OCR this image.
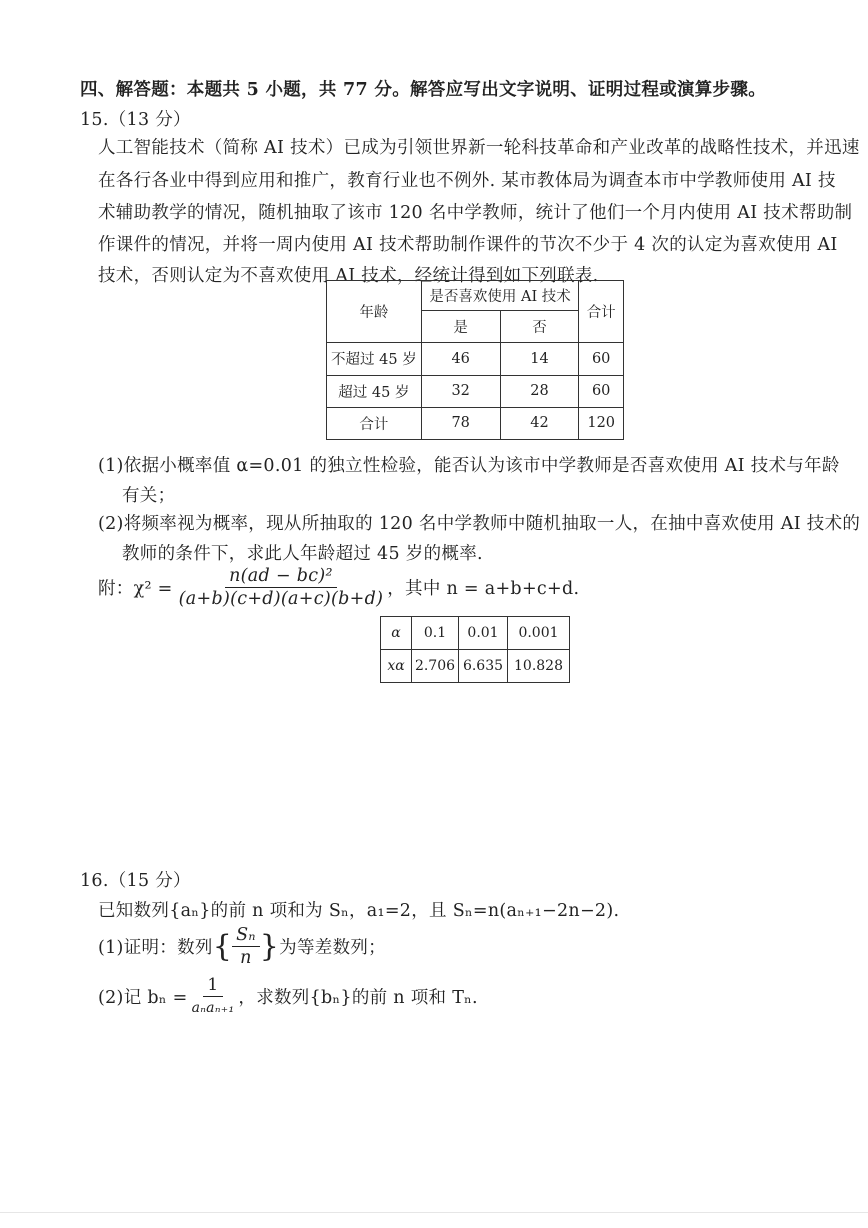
四、解答题：本题共 5 小题，共 77 分。解答应写出文字说明、证明过程或演算步骤。
15.（13 分）
人工智能技术（简称 AI 技术）已成为引领世界新一轮科技革命和产业改革的战略性技术，并迅速
在各行各业中得到应用和推广，教育行业也不例外. 某市教体局为调查本市中学教师使用 AI 技
术辅助教学的情况，随机抽取了该市 120 名中学教师，统计了他们一个月内使用 AI 技术帮助制
作课件的情况，并将一周内使用 AI 技术帮助制作课件的节次不少于 4 次的认定为喜欢使用 AI
技术，否则认定为不喜欢使用 AI 技术，经统计得到如下列联表.
年龄	是否喜欢使用 AI 技术		合计
	是	否	
不超过 45 岁	46	14	60
超过 45 岁	32	28	60
合计	78	42	120
(1)依据小概率值 α=0.01 的独立性检验，能否认为该市中学教师是否喜欢使用 AI 技术与年龄
有关；
(2)将频率视为概率，现从所抽取的 120 名中学教师中随机抽取一人，在抽中喜欢使用 AI 技术的
教师的条件下，求此人年龄超过 45 岁的概率.
附：$\chi^2 = \frac{\text{n(ad − bc)²}}{(a+b)(c+d)(a+c)(b+d)}$ ，其中 n = a+b+c+d.
α	0.1	0.01	0.001
xα	2.706	6.635	10.828
16.（15 分）
已知数列{aₙ}的前 n 项和为 Sₙ，a₁=2，且 Sₙ=n(aₙ₊₁−2n−2).
(1)证明：数列 { $\frac{\text{Sₙ}}{n}$ } 为等差数列；
(2)记 $b_n = \frac{1}{\text{aₙaₙ₊₁}}$ ，求数列{bₙ}的前 n 项和 Tₙ.
